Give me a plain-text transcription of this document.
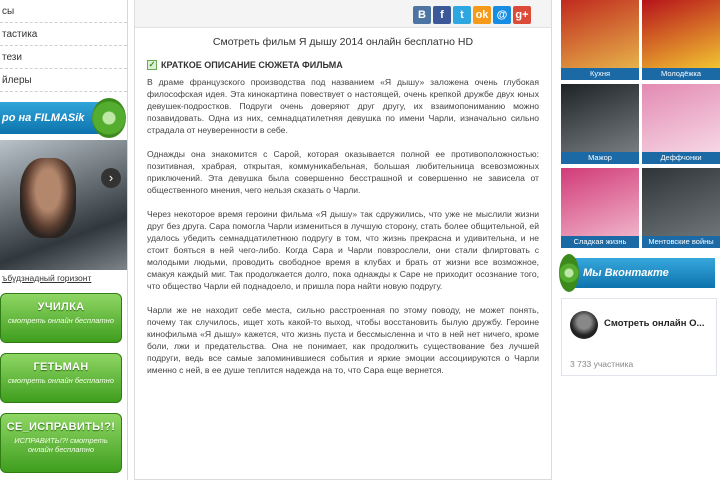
сы
тастика
тези
йлеры
ро на FILMASik
›
ъбудзнадный горизонт
УЧИЛКА
смотреть онлайн бесплатно
ГЕТЬМАН
смотреть онлайн бесплатно
СЕ_ИСПРАВИТЬ!?!
ИСПРАВИТЬ!?! смотреть онлайн бесплатно
В	f	t	ok @ g+
Смотреть фильм Я дышу 2014 онлайн бесплатно HD
✓ КРАТКОЕ ОПИСАНИЕ СЮЖЕТА ФИЛЬМА

В драме французского производства под названием «Я дышу» заложена очень глубокая философская идея. Эта кинокартина повествует о настоящей, очень крепкой дружбе двух юных девушек-подростков. Подруги очень доверяют друг другу, их взаимопониманию можно позавидовать. Одна из них, семнадцатилетняя девушка по имени Чарли, изначально сильно страдала от неуверенности в себе.

Однажды она знакомится с Сарой, которая оказывается полной ее противоположностью: позитивная, храбрая, открытая, коммуникабельная, большая любительница всевозможных приключений. Эта девушка была совершенно бесстрашной и совершенно не зависела от общественного мнения, чего нельзя сказать о Чарли.

Через некоторое время героини фильма «Я дышу» так сдружились, что уже не мыслили жизни друг без друга. Сара помогла Чарли измениться в лучшую сторону, стать более общительной, ей удалось убедить семнадцатилетнюю подругу в том, что жизнь прекрасна и удивительна, и не стоит бояться в ней чего-либо. Когда Сара и Чарли повзрослели, они стали флиртовать с молодыми людьми, проводить свободное время в клубах и брать от жизни все возможное, смакуя каждый миг. Так продолжается долго, пока однажды к Саре не приходит осознание того, что общество Чарли ей поднадоело, и пришла пора найти новую подругу.

Чарли же не находит себе места, сильно расстроенная по этому поводу, не может понять, почему так случилось, ищет хоть какой-то выход, чтобы восстановить былую дружбу. Героине кинофильма «Я дышу» кажется, что жизнь пуста и бессмысленна и что в ней нет ничего, кроме боли, лжи и предательства. Она не понимает, как продолжить существование без лучшей подруги, ведь все самые запоминившиеся события и яркие эмоции ассоциируются о Чарли именно с ней, в ее душе теплится надежда на то, что Сара еще вернется.

Кухня	Молодёжка
Мажор	Деффчонки
Сладкая жизнь	Ментовские войны
Мы Вконтакте
Смотреть онлайн О...
3 733 участника
